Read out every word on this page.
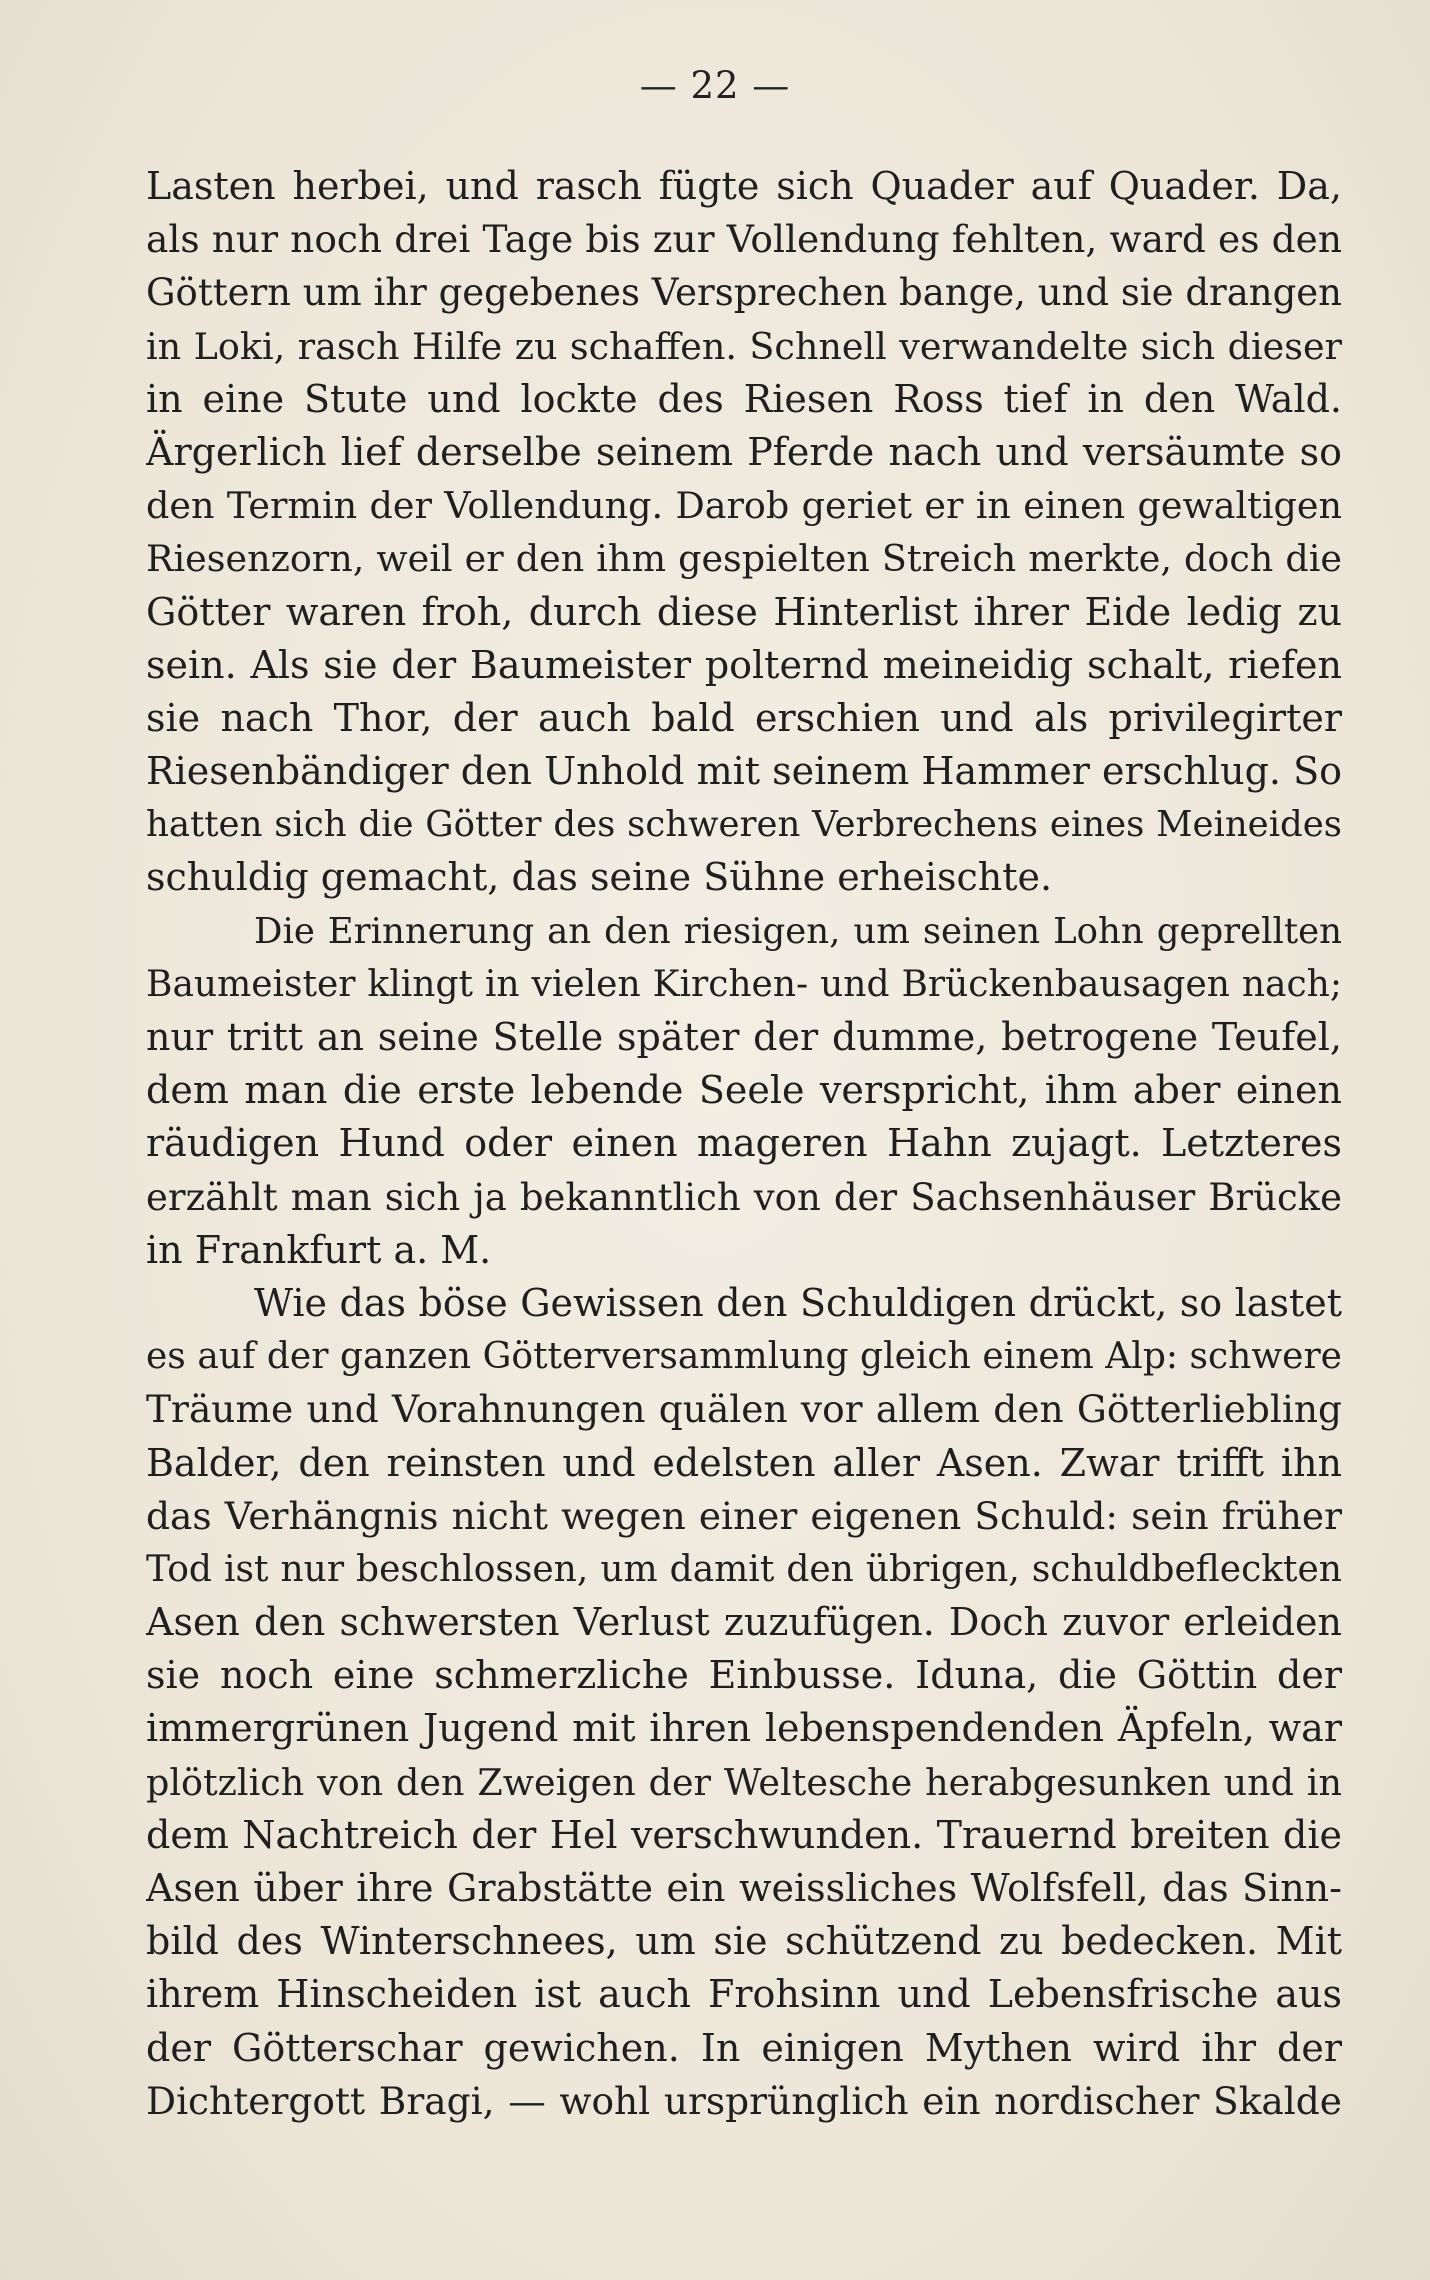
— 22 —
Lasten herbei, und rasch fügte sich Quader auf Quader. Da,
als nur noch drei Tage bis zur Vollendung fehlten, ward es den
Göttern um ihr gegebenes Versprechen bange, und sie drangen
in Loki, rasch Hilfe zu schaffen. Schnell verwandelte sich dieser
in eine Stute und lockte des Riesen Ross tief in den Wald.
Ärgerlich lief derselbe seinem Pferde nach und versäumte so
den Termin der Vollendung. Darob geriet er in einen gewaltigen
Riesenzorn, weil er den ihm gespielten Streich merkte, doch die
Götter waren froh, durch diese Hinterlist ihrer Eide ledig zu
sein. Als sie der Baumeister polternd meineidig schalt, riefen
sie nach Thor, der auch bald erschien und als privilegirter
Riesenbändiger den Unhold mit seinem Hammer erschlug. So
hatten sich die Götter des schweren Verbrechens eines Meineides
schuldig gemacht, das seine Sühne erheischte.
Die Erinnerung an den riesigen, um seinen Lohn geprellten
Baumeister klingt in vielen Kirchen- und Brückenbausagen nach;
nur tritt an seine Stelle später der dumme, betrogene Teufel,
dem man die erste lebende Seele verspricht, ihm aber einen
räudigen Hund oder einen mageren Hahn zujagt. Letzteres
erzählt man sich ja bekanntlich von der Sachsenhäuser Brücke
in Frankfurt a. M.
Wie das böse Gewissen den Schuldigen drückt, so lastet
es auf der ganzen Götterversammlung gleich einem Alp: schwere
Träume und Vorahnungen quälen vor allem den Götterliebling
Balder, den reinsten und edelsten aller Asen. Zwar trifft ihn
das Verhängnis nicht wegen einer eigenen Schuld: sein früher
Tod ist nur beschlossen, um damit den übrigen, schuldbefleckten
Asen den schwersten Verlust zuzufügen. Doch zuvor erleiden
sie noch eine schmerzliche Einbusse. Iduna, die Göttin der
immergrünen Jugend mit ihren lebenspendenden Äpfeln, war
plötzlich von den Zweigen der Weltesche herabgesunken und in
dem Nachtreich der Hel verschwunden. Trauernd breiten die
Asen über ihre Grabstätte ein weissliches Wolfsfell, das Sinn-
bild des Winterschnees, um sie schützend zu bedecken. Mit
ihrem Hinscheiden ist auch Frohsinn und Lebensfrische aus
der Götterschar gewichen. In einigen Mythen wird ihr der
Dichtergott Bragi, — wohl ursprünglich ein nordischer Skalde
